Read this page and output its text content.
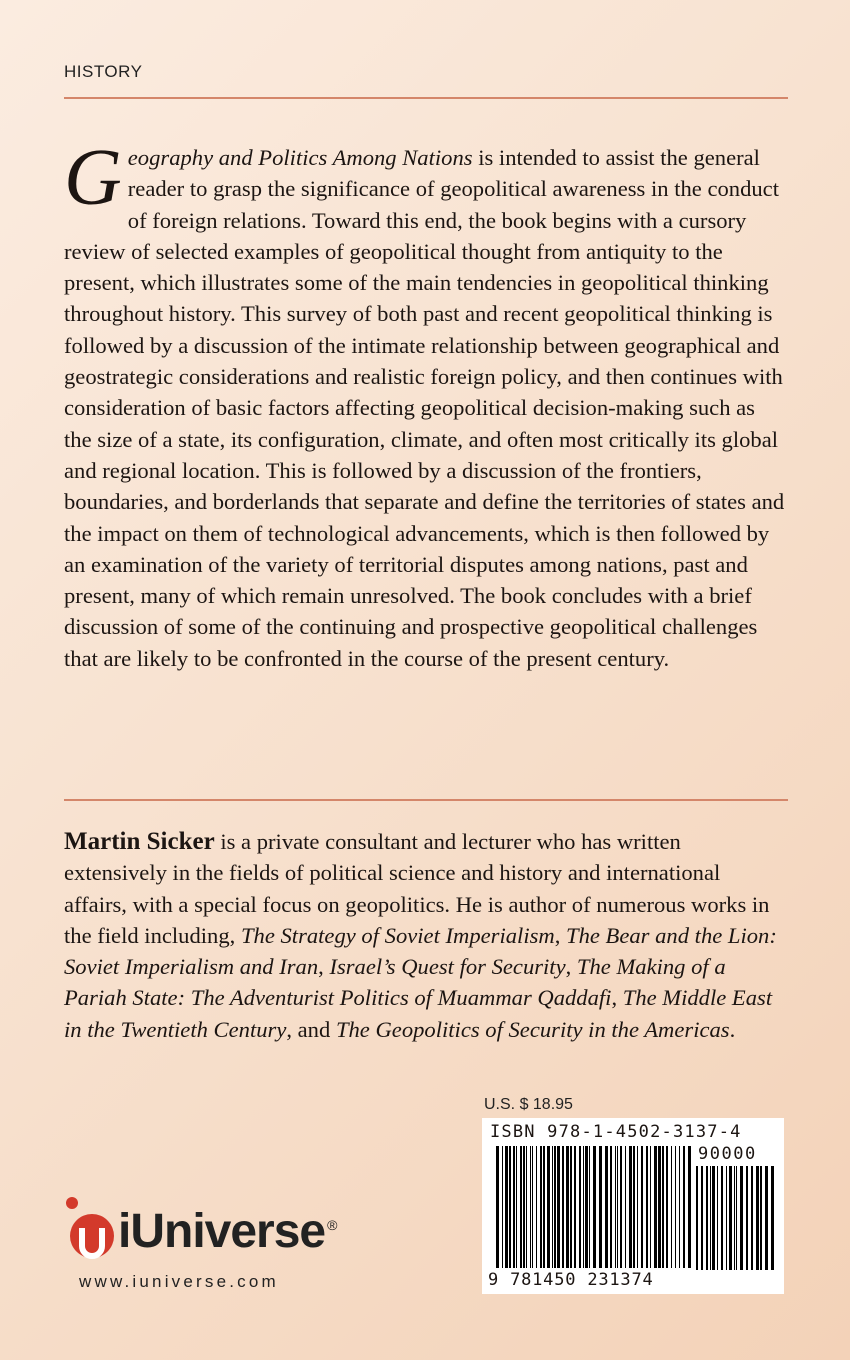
HISTORY

Geography and Politics Among Nations is intended to assist the general reader to grasp the significance of geopolitical awareness in the conduct of foreign relations. Toward this end, the book begins with a cursory review of selected examples of geopolitical thought from antiquity to the present, which illustrates some of the main tendencies in geopolitical thinking throughout history. This survey of both past and recent geopolitical thinking is followed by a discussion of the intimate relationship between geographical and geostrategic considerations and realistic foreign policy, and then continues with consideration of basic factors affecting geopolitical decision-making such as the size of a state, its configuration, climate, and often most critically its global and regional location. This is followed by a discussion of the frontiers, boundaries, and borderlands that separate and define the territories of states and the impact on them of technological advancements, which is then followed by an examination of the variety of territorial disputes among nations, past and present, many of which remain unresolved. The book concludes with a brief discussion of some of the continuing and prospective geopolitical challenges that are likely to be confronted in the course of the present century.

Martin Sicker is a private consultant and lecturer who has written extensively in the fields of political science and history and international affairs, with a special focus on geopolitics. He is author of numerous works in the field including, The Strategy of Soviet Imperialism, The Bear and the Lion: Soviet Imperialism and Iran, Israel’s Quest for Security, The Making of a Pariah State: The Adventurist Politics of Muammar Qaddafi, The Middle East in the Twentieth Century, and The Geopolitics of Security in the Americas.

U.S. $ 18.95
ISBN 978-1-4502-3137-4
90000
9 781450 231374
iUniverse ®
www.iuniverse.com
